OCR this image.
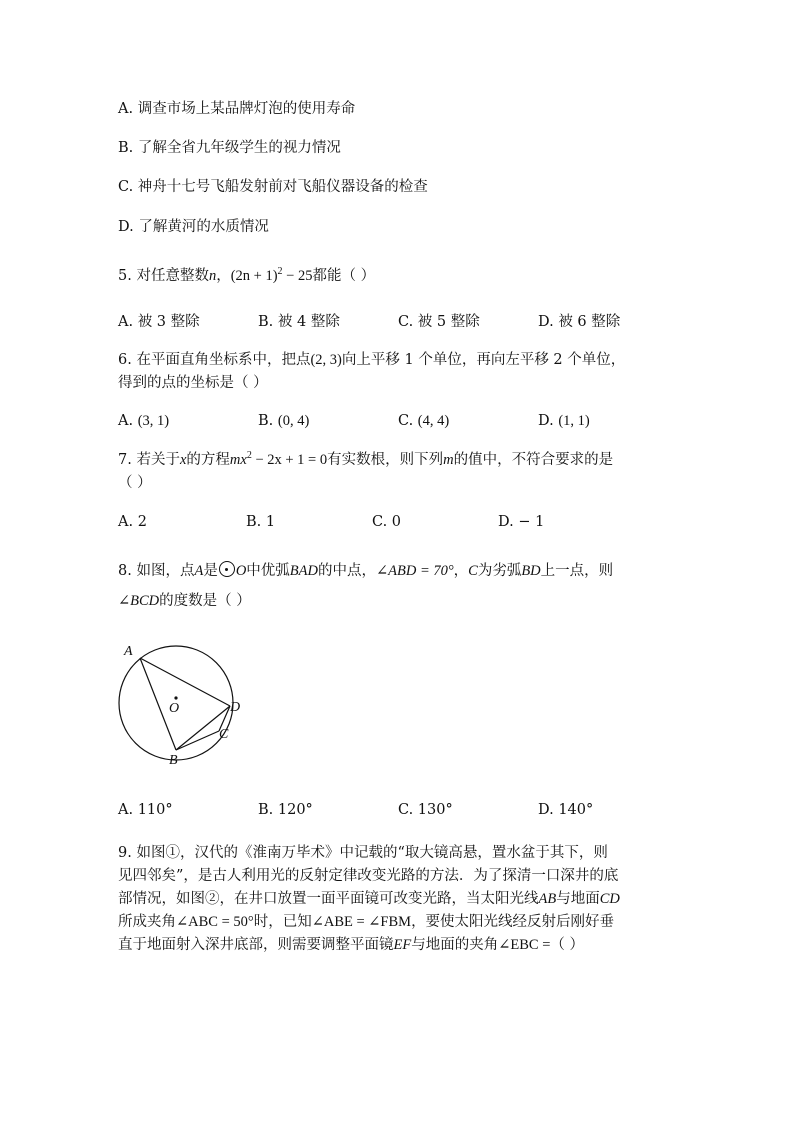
A. 调查市场上某品牌灯泡的使用寿命
B. 了解全省九年级学生的视力情况
C. 神舟十七号飞船发射前对飞船仪器设备的检查
D. 了解黄河的水质情况
5. 对任意整数n，$(2n + 1)^2 - 25$都能（ ）
A. 被 3 整除	B. 被 4 整除	C. 被 5 整除	D. 被 6 整除
6. 在平面直角坐标系中，把点(2, 3)向上平移 1 个单位，再向左平移 2 个单位，
得到的点的坐标是（ ）
A. (3, 1)	B. (0, 4)	C. (4, 4)	D. (1, 1)
7. 若关于x的方程$mx^2 - 2x + 1 = 0$有实数根，则下列m的值中，不符合要求的是
（ ）
A. 2	B. 1	C. 0	D. − 1
8. 如图，点A是 O中优弧BAD的中点，∠ABD = 70°，C为劣弧BD上一点，则
∠BCD的度数是（ ）
A
B
C
D
O
A. 110°	B. 120°	C. 130°	D. 140°
9. 如图①，汉代的《淮南万毕术》中记载的“取大镜高悬，置水盆于其下，则
见四邻矣”，是古人利用光的反射定律改变光路的方法．为了探清一口深井的底
部情况，如图②，在井口放置一面平面镜可改变光路，当太阳光线AB与地面CD
所成夹角∠ABC = 50°时，已知∠ABE = ∠FBM，要使太阳光线经反射后刚好垂
直于地面射入深井底部，则需要调整平面镜EF与地面的夹角∠EBC =（ ）
